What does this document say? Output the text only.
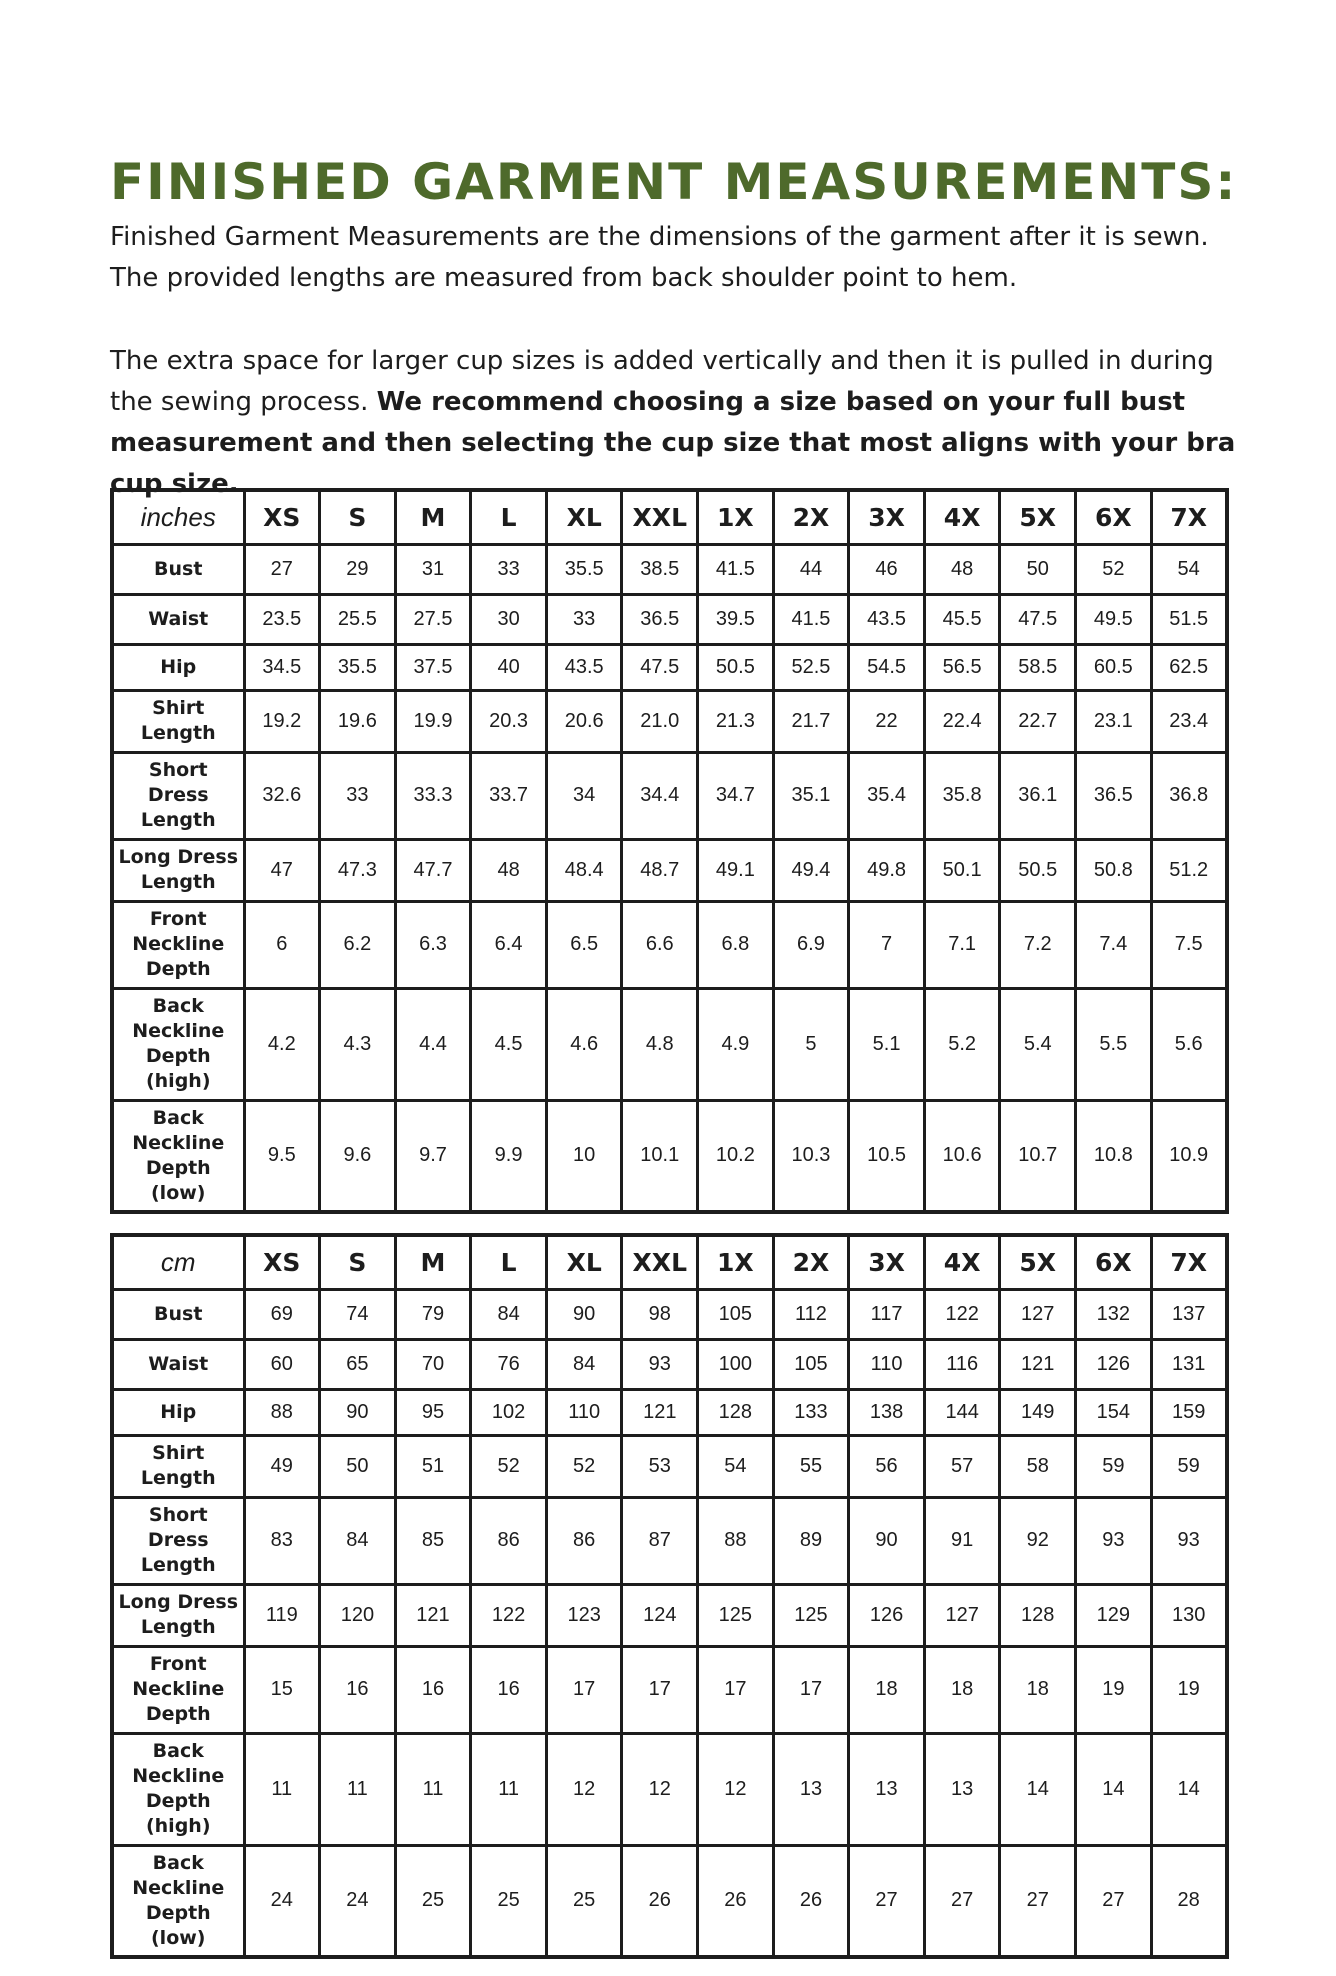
FINISHED GARMENT MEASUREMENTS:

Finished Garment Measurements are the dimensions of the garment after it is sewn. The provided lengths are measured from back shoulder point to hem.

The extra space for larger cup sizes is added vertically and then it is pulled in during the sewing process. We recommend choosing a size based on your full bust measurement and then selecting the cup size that most aligns with your bra cup size.

inches	XS	S	M	L	XL	XXL	1X	2X	3X	4X	5X	6X	7X
Bust	27	29	31	33	35.5	38.5	41.5	44	46	48	50	52	54
Waist	23.5	25.5	27.5	30	33	36.5	39.5	41.5	43.5	45.5	47.5	49.5	51.5
Hip	34.5	35.5	37.5	40	43.5	47.5	50.5	52.5	54.5	56.5	58.5	60.5	62.5
Shirt
Length	19.2	19.6	19.9	20.3	20.6	21.0	21.3	21.7	22	22.4	22.7	23.1	23.4
Short
Dress
Length	32.6	33	33.3	33.7	34	34.4	34.7	35.1	35.4	35.8	36.1	36.5	36.8
Long Dress
Length	47	47.3	47.7	48	48.4	48.7	49.1	49.4	49.8	50.1	50.5	50.8	51.2
Front
Neckline
Depth	6	6.2	6.3	6.4	6.5	6.6	6.8	6.9	7	7.1	7.2	7.4	7.5
Back
Neckline
Depth
(high)	4.2	4.3	4.4	4.5	4.6	4.8	4.9	5	5.1	5.2	5.4	5.5	5.6
Back
Neckline
Depth
(low)	9.5	9.6	9.7	9.9	10	10.1	10.2	10.3	10.5	10.6	10.7	10.8	10.9
cm	XS	S	M	L	XL	XXL	1X	2X	3X	4X	5X	6X	7X
Bust	69	74	79	84	90	98	105	112	117	122	127	132	137
Waist	60	65	70	76	84	93	100	105	110	116	121	126	131
Hip	88	90	95	102	110	121	128	133	138	144	149	154	159
Shirt
Length	49	50	51	52	52	53	54	55	56	57	58	59	59
Short
Dress
Length	83	84	85	86	86	87	88	89	90	91	92	93	93
Long Dress
Length	119	120	121	122	123	124	125	125	126	127	128	129	130
Front
Neckline
Depth	15	16	16	16	17	17	17	17	18	18	18	19	19
Back
Neckline
Depth
(high)	11	11	11	11	12	12	12	13	13	13	14	14	14
Back
Neckline
Depth
(low)	24	24	25	25	25	26	26	26	27	27	27	27	28
